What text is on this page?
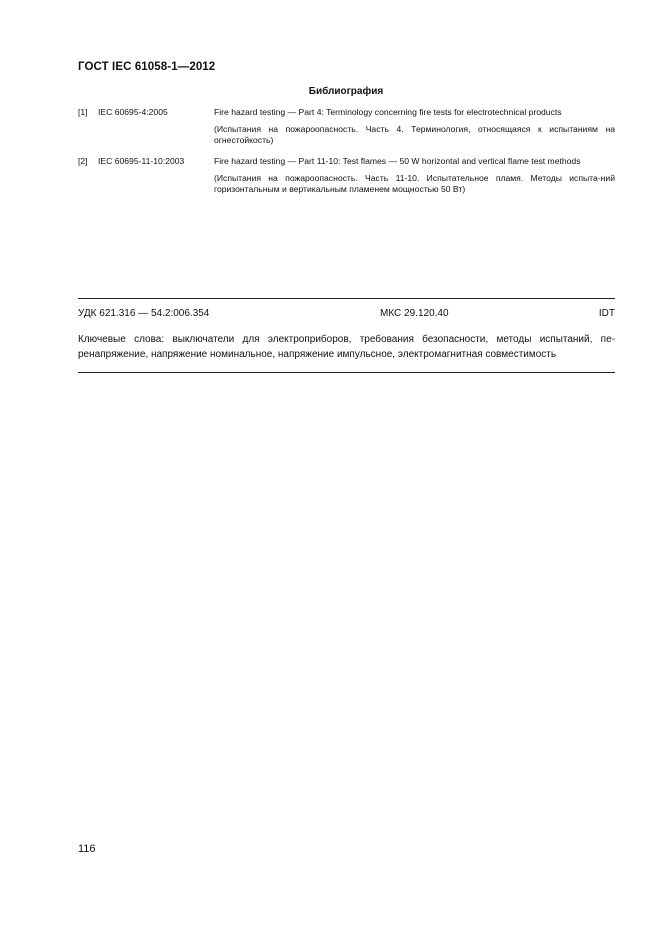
ГОСТ IEC 61058-1—2012
Библиография
[1] IEC 60695-4:2005	Fire hazard testing — Part 4: Terminology concerning fire tests for electrotechnical products

(Испытания на пожароопасность. Часть 4. Терминология, относящаяся к испытаниям на огнестойкость)

[2] IEC 60695-11-10:2003	Fire hazard testing — Part 11-10: Test flames — 50 W horizontal and vertical flame test methods

(Испытания на пожароопасность. Часть 11-10. Испытательное пламя. Методы испыта-ний горизонтальным и вертикальным пламенем мощностью 50 Вт)

УДК 621.316 — 54.2:006.354	МКС 29.120.40	IDT

Ключевые слова: выключатели для электроприборов, требования безопасности, методы испытаний, пе-ренапряжение, напряжение номинальное, напряжение импульсное, электромагнитная совместимость

116
